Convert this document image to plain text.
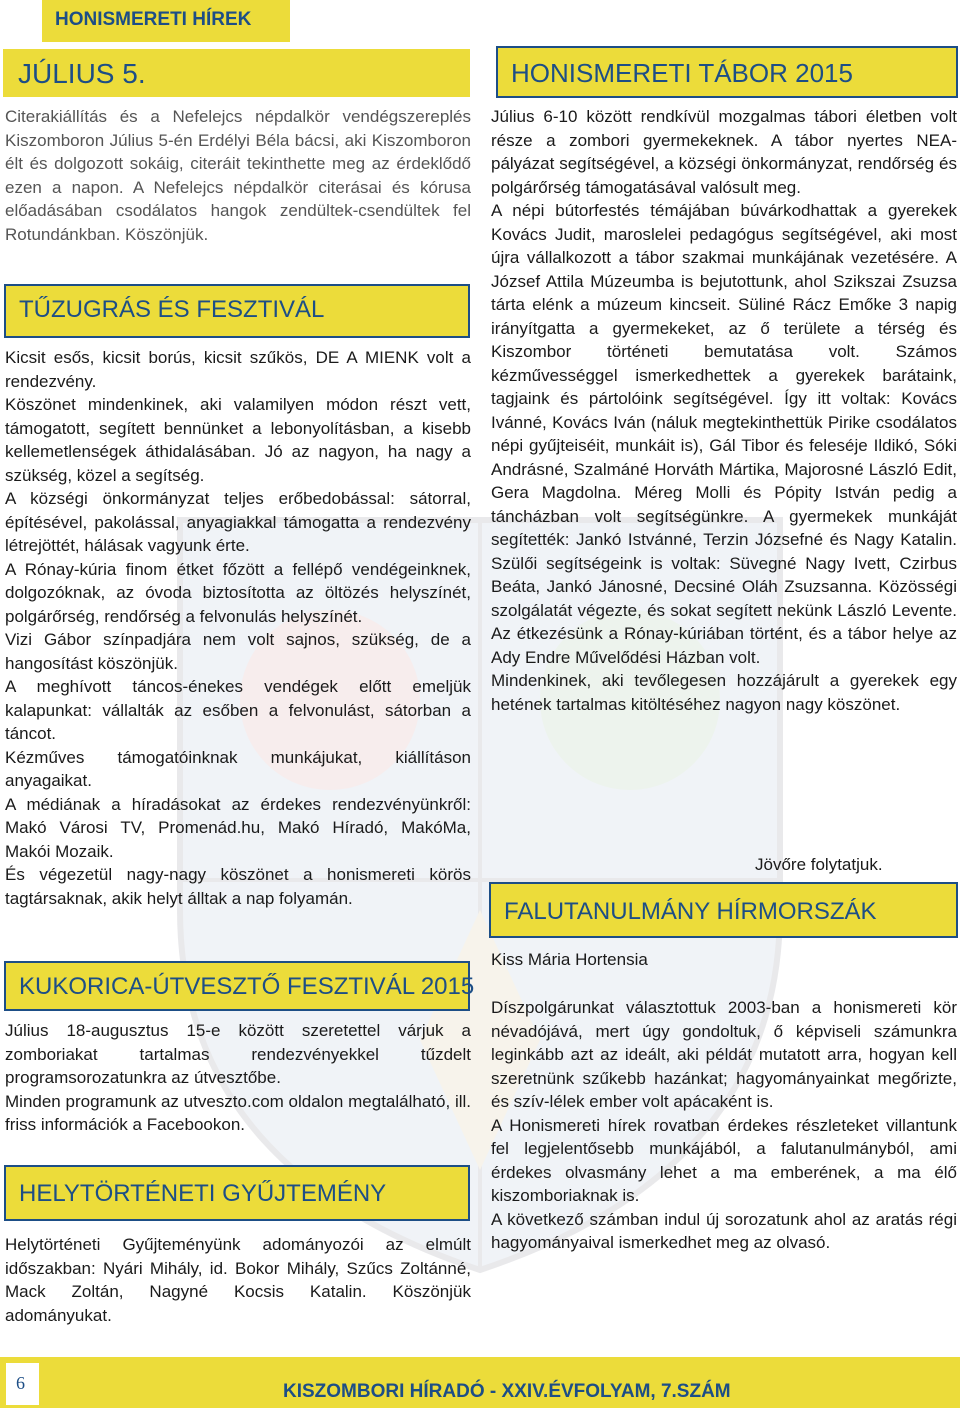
HONISMERETI HÍREK
JÚLIUS 5.

Citerakiállítás és a Nefelejcs népdalkör vendégszereplés Kiszomboron Július 5-én Erdélyi Béla bácsi, aki Kiszomboron élt és dolgozott sokáig, citeráit tekinthette meg az érdeklődő ezen a napon. A Nefelejcs népdalkör citerásai és kórusa előadásában csodálatos hangok zendültek-csendültek fel Rotundánkban. Köszönjük.

TŰZUGRÁS ÉS FESZTIVÁL

Kicsit esős, kicsit borús, kicsit szűkös, DE A MIENK volt a rendezvény.

Köszönet mindenkinek, aki valamilyen módon részt vett, támogatott, segített bennünket a lebonyolításban, a kisebb kellemetlenségek áthidalásában. Jó az nagyon, ha nagy a szükség, közel a segítség.

A községi önkormányzat teljes erőbedobással: sátorral, építésével, pakolással, anyagiakkal támogatta a rendezvény létrejöttét, hálásak vagyunk érte.

A Rónay-kúria finom étket főzött a fellépő vendégeinknek, dolgozóknak, az óvoda biztosította az öltözés helyszínét, polgárőrség, rendőrség a felvonulás helyszínét.

Vizi Gábor színpadjára nem volt sajnos, szükség, de a hangosítást köszönjük.

A meghívott táncos-énekes vendégek előtt emeljük kalapunkat: vállalták az esőben a felvonulást, sátorban a táncot.

Kézműves támogatóinknak munkájukat, kiállításon anyagaikat.

A médiának a híradásokat az érdekes rendezvényünkről: Makó Városi TV, Promenád.hu, Makó Híradó, MakóMa, Makói Mozaik.

És végezetül nagy-nagy köszönet a honismereti körös tagtársaknak, akik helyt álltak a nap folyamán.

KUKORICA-ÚTVESZTŐ FESZTIVÁL 2015

Július 18-augusztus 15-e között szeretettel várjuk a zomboriakat tartalmas rendezvényekkel tűzdelt programsorozatunkra az útvesztőbe.

Minden programunk az utveszto.com oldalon megtalálható, ill. friss információk a Facebookon.

HELYTÖRTÉNETI GYŰJTEMÉNY

Helytörténeti Gyűjteményünk adományozói az elmúlt időszakban: Nyári Mihály, id. Bokor Mihály, Szűcs Zoltánné, Mack Zoltán, Nagyné Kocsis Katalin. Köszönjük adományukat.

HONISMERETI TÁBOR 2015

Július 6-10 között rendkívül mozgalmas tábori életben volt része a zombori gyermekeknek. A tábor nyertes NEA-pályázat segítségével, a községi önkormányzat, rendőrség és polgárőrség támogatásával valósult meg.

A népi bútorfestés témájában búvárkodhattak a gyerekek Kovács Judit, maroslelei pedagógus segítségével, aki most újra vállalkozott a tábor szakmai munkájának vezetésére. A József Attila Múzeumba is bejutottunk, ahol Szikszai Zsuzsa tárta elénk a múzeum kincseit. Süliné Rácz Emőke 3 napig irányítgatta a gyermekeket, az ő területe a térség és Kiszombor történeti bemutatása volt. Számos kézművességgel ismerkedhettek a gyerekek barátaink, tagjaink és pártolóink segítségével. Így itt voltak: Kovács Ivánné, Kovács Iván (náluk megtekinthettük Pirike csodálatos népi gyűjteiséit, munkáit is), Gál Tibor és feleséje Ildikó, Sóki Andrásné, Szalmáné Horváth Mártika, Majorosné László Edit, Gera Magdolna. Méreg Molli és Pópity István pedig a táncházban volt segítségünkre. A gyermekek munkáját segítették: Jankó Istvánné, Terzin Józsefné és Nagy Katalin. Szülői segítségeink is voltak: Süvegné Nagy Ivett, Czirbus Beáta, Jankó Jánosné, Decsiné Oláh Zsuzsanna. Közösségi szolgálatát végezte, és sokat segített nekünk László Levente. Az étkezésünk a Rónay-kúriában történt, és a tábor helye az Ady Endre Művelődési Házban volt.

Mindenkinek, aki tevőlegesen hozzájárult a gyerekek egy hetének tartalmas kitöltéséhez nagyon nagy köszönet.

Jövőre folytatjuk.
FALUTANULMÁNY HÍRMORSZÁK
Kiss Mária Hortensia

Díszpolgárunkat választottuk 2003-ban a honismereti kör névadójává, mert úgy gondoltuk, ő képviseli számunkra leginkább azt az ideált, aki példát mutatott arra, hogyan kell szeretnünk szűkebb hazánkat; hagyományainkat megőrizte, és szív-lélek ember volt apácaként is.

A Honismereti hírek rovatban érdekes részleteket villantunk fel legjelentősebb munkájából, a falutanulmányból, ami érdekes olvasmány lehet a ma emberének, a ma élő kiszomboriaknak is.

A következő számban indul új sorozatunk ahol az aratás régi hagyományaival ismerkedhet meg az olvasó.

6	KISZOMBORI HÍRADÓ - XXIV.ÉVFOLYAM, 7.SZÁM
